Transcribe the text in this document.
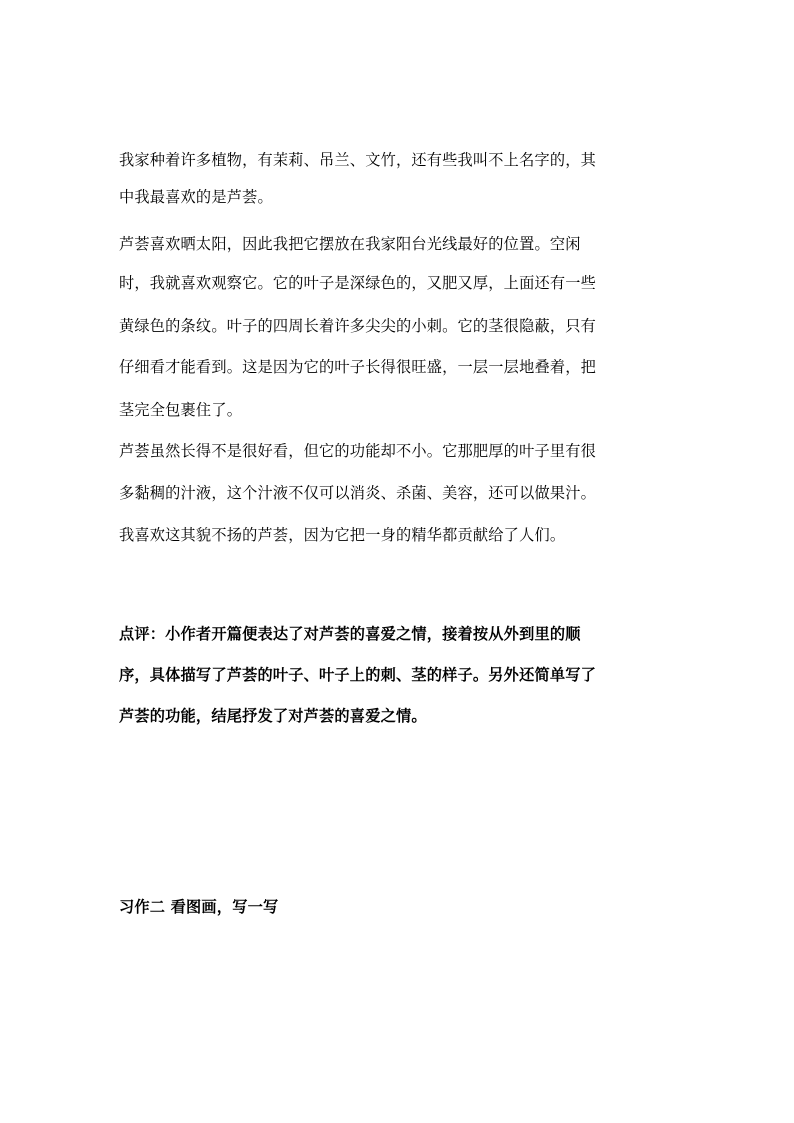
我家种着许多植物，有茉莉、吊兰、文竹，还有些我叫不上名字的，其
中我最喜欢的是芦荟。
芦荟喜欢晒太阳，因此我把它摆放在我家阳台光线最好的位置。空闲
时，我就喜欢观察它。它的叶子是深绿色的，又肥又厚，上面还有一些
黄绿色的条纹。叶子的四周长着许多尖尖的小刺。它的茎很隐蔽，只有
仔细看才能看到。这是因为它的叶子长得很旺盛，一层一层地叠着，把
茎完全包裹住了。
芦荟虽然长得不是很好看，但它的功能却不小。它那肥厚的叶子里有很
多黏稠的汁液，这个汁液不仅可以消炎、杀菌、美容，还可以做果汁。
我喜欢这其貌不扬的芦荟，因为它把一身的精华都贡献给了人们。
点评：小作者开篇便表达了对芦荟的喜爱之情，接着按从外到里的顺
序，具体描写了芦荟的叶子、叶子上的刺、茎的样子。另外还简单写了
芦荟的功能，结尾抒发了对芦荟的喜爱之情。
习作二 看图画，写一写
